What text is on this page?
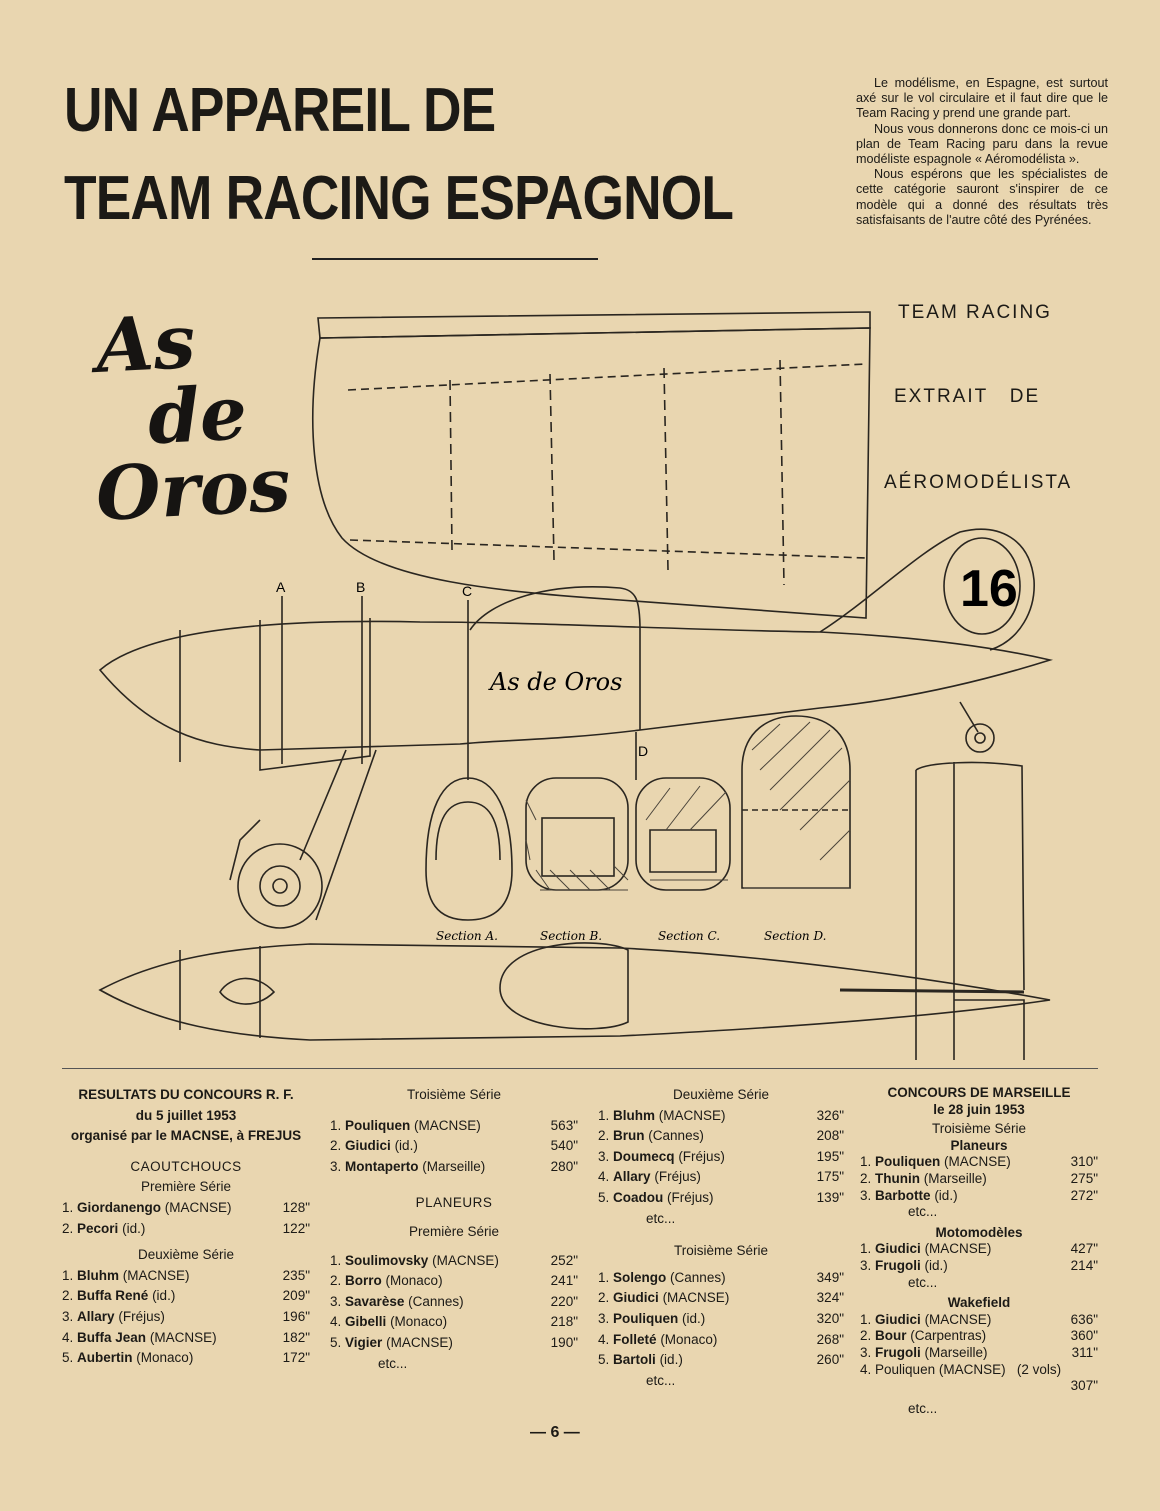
UN APPAREIL DE
TEAM RACING ESPAGNOL

Le modélisme, en Espagne, est surtout axé sur le vol circulaire et il faut dire que le Team Racing y prend une grande part.

Nous vous donnerons donc ce mois-ci un plan de Team Racing paru dans la revue modéliste espagnole « Aéromodélista ».

Nous espérons que les spécialistes de cette catégorie sauront s'inspirer de ce modèle qui a donné des résultats très satisfaisants de l'autre côté des Pyrénées.

TEAM RACING
EXTRAIT   DE
AÉROMODÉLISTA
As
de
Oros
A	B	C
D
As de Oros
16
Section A.	Section B.	Section C.	Section D.
RESULTATS DU CONCOURS R. F.
du 5 juillet 1953
organisé par le MACNSE, à FREJUS
CAOUTCHOUCS
Première Série
1. Giordanengo (MACNSE)	128"
2. Pecori (id.)	122"
Deuxième Série
1. Bluhm (MACNSE)	235"
2. Buffa René (id.)	209"
3. Allary (Fréjus)	196"
4. Buffa Jean (MACNSE)	182"
5. Aubertin (Monaco)	172"
Troisième Série
1. Pouliquen (MACNSE)	563"
2. Giudici (id.)	540"
3. Montaperto (Marseille)	280"
PLANEURS
Première Série
1. Soulimovsky (MACNSE)	252"
2. Borro (Monaco)	241"
3. Savarèse (Cannes)	220"
4. Gibelli (Monaco)	218"
5. Vigier (MACNSE)	190"
etc...
Deuxième Série
1. Bluhm (MACNSE)	326"
2. Brun (Cannes)	208"
3. Doumecq (Fréjus)	195"
4. Allary (Fréjus)	175"
5. Coadou (Fréjus)	139"
etc...
Troisième Série
1. Solengo (Cannes)	349"
2. Giudici (MACNSE)	324"
3. Pouliquen (id.)	320"
4. Folleté (Monaco)	268"
5. Bartoli (id.)	260"
etc...
CONCOURS DE MARSEILLE
le 28 juin 1953
Troisième Série
Planeurs
1. Pouliquen (MACNSE)	310"
2. Thunin (Marseille)	275"
3. Barbotte (id.)	272"
etc...
Motomodèles
1. Giudici (MACNSE)	427"
3. Frugoli (id.)	214"
etc...
Wakefield
1. Giudici (MACNSE)	636"
2. Bour (Carpentras)	360"
3. Frugoli (Marseille)	311"
4. Pouliquen (MACNSE)   (2 vols)
307"
etc...
— 6 —
